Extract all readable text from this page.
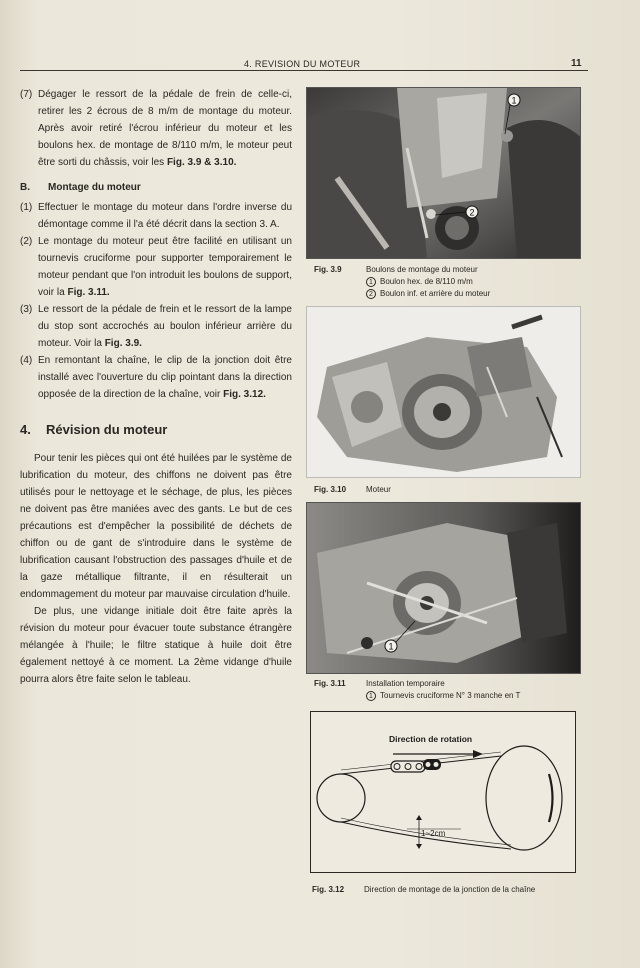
4. REVISION DU MOTEUR	11
(7) Dégager le ressort de la pédale de frein de celle-ci, retirer les 2 écrous de 8 m/m de montage du moteur. Après avoir retiré l'écrou inférieur du moteur et les boulons hex. de montage de 8/110 m/m, le moteur peut être sorti du châssis, voir les Fig. 3.9 & 3.10.
B. Montage du moteur
(1) Effectuer le montage du moteur dans l'ordre inverse du démontage comme il l'a été décrit dans la section 3. A.
(2) Le montage du moteur peut être facilité en utilisant un tournevis cruciforme pour supporter temporairement le moteur pendant que l'on introduit les boulons de support, voir la Fig. 3.11.
(3) Le ressort de la pédale de frein et le ressort de la lampe du stop sont accrochés au boulon inférieur arrière du moteur. Voir la Fig. 3.9.
(4) En remontant la chaîne, le clip de la jonction doit être installé avec l'ouverture du clip pointant dans la direction opposée de la direction de la chaîne, voir Fig. 3.12.
4. Révision du moteur

Pour tenir les pièces qui ont été huilées par le système de lubrification du moteur, des chiffons ne doivent pas être utilisés pour le nettoyage et le séchage, de plus, les pièces ne doivent pas être maniées avec des gants. Le but de ces précautions est d'empêcher la possibilité de déchets de chiffon ou de gant de s'introduire dans le système de lubrification causant l'obstruction des passages d'huile et de la gaze métallique filtrante, il en résulterait un endommagement du moteur par mauvaise circulation d'huile.

De plus, une vidange initiale doit être faite après la révision du moteur pour évacuer toute substance étrangère mélangée à l'huile; le filtre statique à huile doit être également nettoyé à ce moment. La 2ème vidange d'huile pourra alors être faite selon le tableau.

1
2
Fig. 3.9	Boulons de montage du moteur
1 Boulon hex. de 8/110 m/m
2 Boulon inf. et arrière du moteur
Fig. 3.10 Moteur
1
Fig. 3.11	Installation temporaire
1 Tournevis cruciforme N° 3 manche en T
Direction de rotation
1~2cm
Fig. 3.12 Direction de montage de la jonction de la chaîne
